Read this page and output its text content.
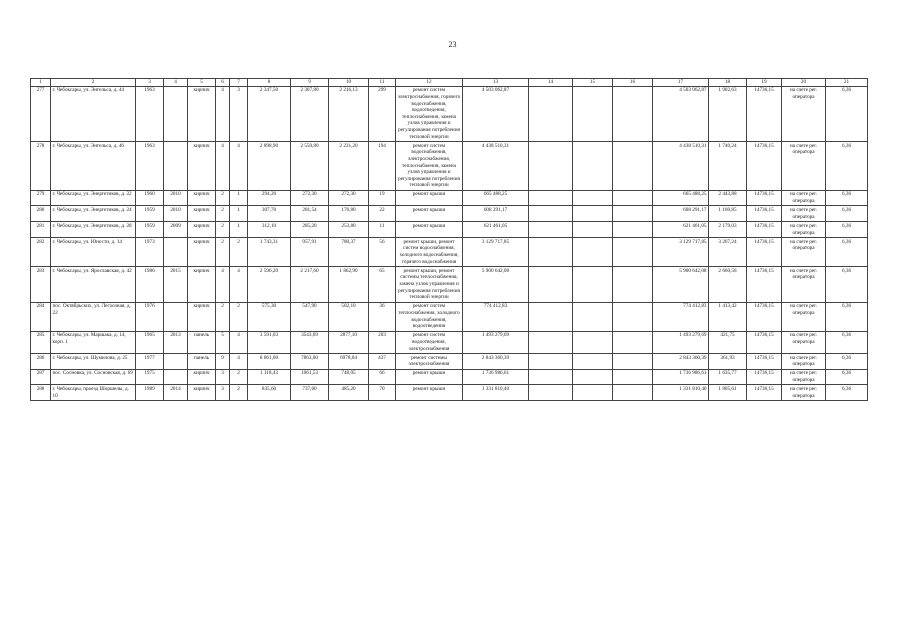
23
1	2	3	4	5	6	7	8	9	10	11	12	13	14	15	16	17	18	19	20	21
277	г. Чебоксары, ул. Энгельса, д. 44	1963		кирпич	4	3	2 347,50	2 307,80	2 216,13	299	ремонт систем электроснабжения, горячего водоснабжения, водоотведения, теплоснабжения, замена узлов управления и регулирования потребления тепловой энергии	4 503 062,87				4 503 062,87	1 902,63	14736,15	на счете рег. оператора	6,36
278	г. Чебоксары, ул. Энгельса, д. 46	1963		кирпич	4	4	2 898,90	2 550,80	2 231,20	194	ремонт систем водоснабжения, электроснабжения, теплоснабжения, замена узлов управления и регулирования потребления тепловой энергии	4 438 510,31				4 438 510,31	1 740,24	14736,15	на счете рег. оператора	6,36
279	г. Чебоксары, ул. Энергетиков, д. 22	1960	2010	кирпич	2	1	294,20	272,30	272,30	19	ремонт крыши	665 488,25				665 488,25	2 443,88	14736,15	на счете рег. оператора	6,36
280	г. Чебоксары, ул. Энергетиков, д. 24	1959	2010	кирпич	2	1	307,70	281,54	176,80	22	ремонт крыши	608 291,17				608 291,17	1 160,85	14736,15	на счете рег. оператора	6,36
281	г. Чебоксары, ул. Энергетиков, д. 28	1959	2009	кирпич	2	1	312,10	285,20	253,80	11	ремонт крыши	621 461,05				621 461,05	2 179,03	14736,15	на счете рег. оператора	6,36
282	г. Чебоксары, ул. Юности, д. 14	1973		кирпич	2	2	1 743,31	957,91	780,37	56	ремонт крыши, ремонт систем водоснабжения, холодного водоснабжения, горячего водоснабжения	3 129 717,85				3 129 717,85	3 267,24	14736,15	на счете рег. оператора	6,36
283	г. Чебоксары, ул. Ярославская, д. 42	1986	2015	кирпич	4	4	2 596,20	2 217,60	1 862,90	65	ремонт крыши, ремонт системы теплоснабжения, замена узлов управления и регулирования потребления тепловой энергии	5 900 642,08				5 900 642,08	2 660,58	14736,15	на счете рег. оператора	6,36
284	пос. Октябрьских, ул. Лесхозная, д. 22	1976		кирпич	2	2	575,30	547,90	502,10	36	ремонт систем теплоснабжения, холодного водоснабжения, водоотведения	774 412,83				774 412,83	1 413,42	14736,15	на счете рег. оператора	6,36
285	г. Чебоксары, ул. Маршака, д. 14, корп. 1	1965	2013	панель	5	4	3 591,03	3543,69	2877,10	203	ремонт систем водоотведения, электроснабжения	1 493 279,69				1 493 279,69	421,75	14736,15	на счете рег. оператора	6,36
286	г. Чебоксары, ул. Шумилова, д. 25	1977		панель	9	4	8 861,00	7863,00	6978,04	437	ремонт системы электроснабжения	2 843 360,39				2 843 360,39	361,93	14736,15	на счете рег. оператора	6,36
287	пос. Сосновка, ул. Сосновская, д. 69	1975		кирпич	3	2	1 118,43	1061,53	748,05	66	ремонт крыши	1 736 986,61				1 736 986,61	1 635,77	14736,15	на счете рег. оператора	6,36
288	г. Чебоксары, проезд Шоршелы, д. 10	1989	2014	кирпич	3	2	835,60	737,60	485,20	70	ремонт крыши	1 331 810,40				1 331 810,40	1 805,61	14736,15	на счете рег. оператора	6,36
